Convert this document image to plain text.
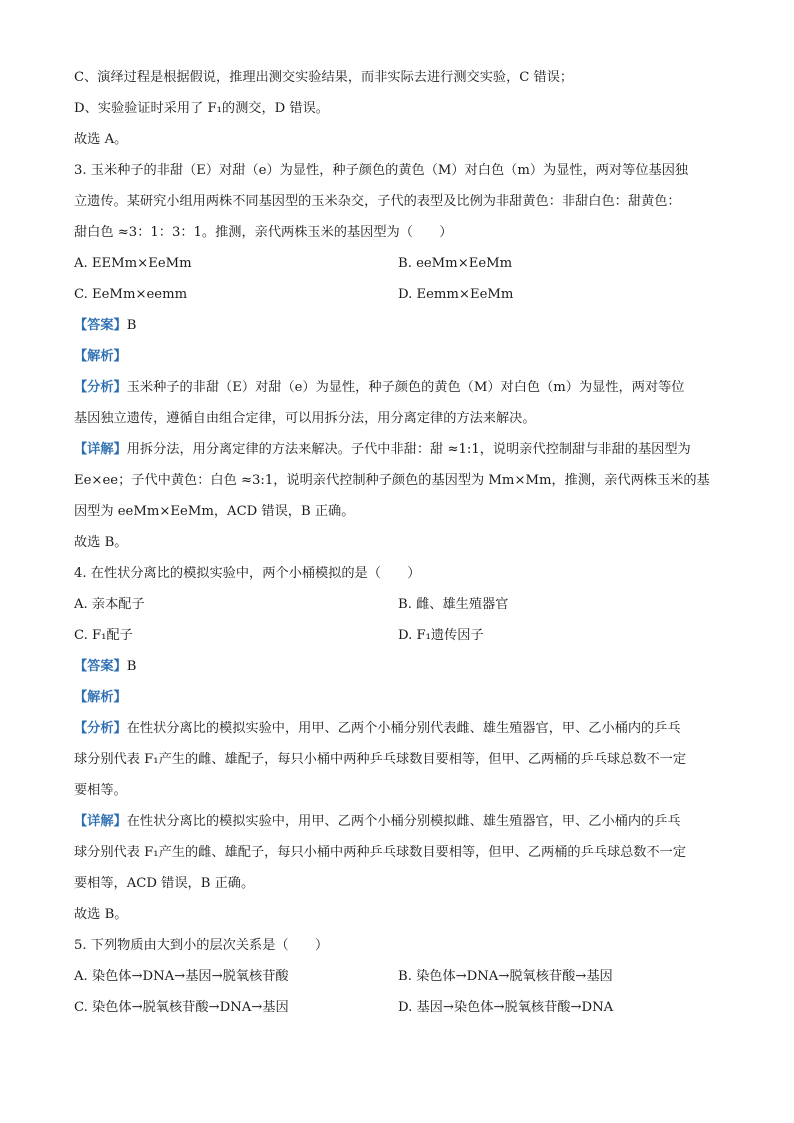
C、演绎过程是根据假说，推理出测交实验结果，而非实际去进行测交实验，C 错误；
D、实验验证时采用了 F₁的测交，D 错误。
故选 A。
3. 玉米种子的非甜（E）对甜（e）为显性，种子颜色的黄色（M）对白色（m）为显性，两对等位基因独
立遗传。某研究小组用两株不同基因型的玉米杂交，子代的表型及比例为非甜黄色：非甜白色：甜黄色：
甜白色 ≈3：1：3：1。推测，亲代两株玉米的基因型为（　　）
A. EEMm×EeMm	B. eeMm×EeMm
C. EeMm×eemm	D. Eemm×EeMm
【答案】B
【解析】
【分析】玉米种子的非甜（E）对甜（e）为显性，种子颜色的黄色（M）对白色（m）为显性，两对等位
基因独立遗传，遵循自由组合定律，可以用拆分法，用分离定律的方法来解决。
【详解】用拆分法，用分离定律的方法来解决。子代中非甜：甜 ≈1:1，说明亲代控制甜与非甜的基因型为
Ee×ee；子代中黄色：白色 ≈3:1，说明亲代控制种子颜色的基因型为 Mm×Mm，推测，亲代两株玉米的基
因型为 eeMm×EeMm，ACD 错误，B 正确。
故选 B。
4. 在性状分离比的模拟实验中，两个小桶模拟的是（　　）
A. 亲本配子	B. 雌、雄生殖器官
C. F₁配子	D. F₁遗传因子
【答案】B
【解析】
【分析】在性状分离比的模拟实验中，用甲、乙两个小桶分别代表雌、雄生殖器官，甲、乙小桶内的乒乓
球分别代表 F₁产生的雌、雄配子，每只小桶中两种乒乓球数目要相等，但甲、乙两桶的乒乓球总数不一定
要相等。
【详解】在性状分离比的模拟实验中，用甲、乙两个小桶分别模拟雌、雄生殖器官，甲、乙小桶内的乒乓
球分别代表 F₁产生的雌、雄配子，每只小桶中两种乒乓球数目要相等，但甲、乙两桶的乒乓球总数不一定
要相等，ACD 错误，B 正确。
故选 B。
5. 下列物质由大到小的层次关系是（　　）
A. 染色体→DNA→基因→脱氧核苷酸	B. 染色体→DNA→脱氧核苷酸→基因
C. 染色体→脱氧核苷酸→DNA→基因	D. 基因→染色体→脱氧核苷酸→DNA
